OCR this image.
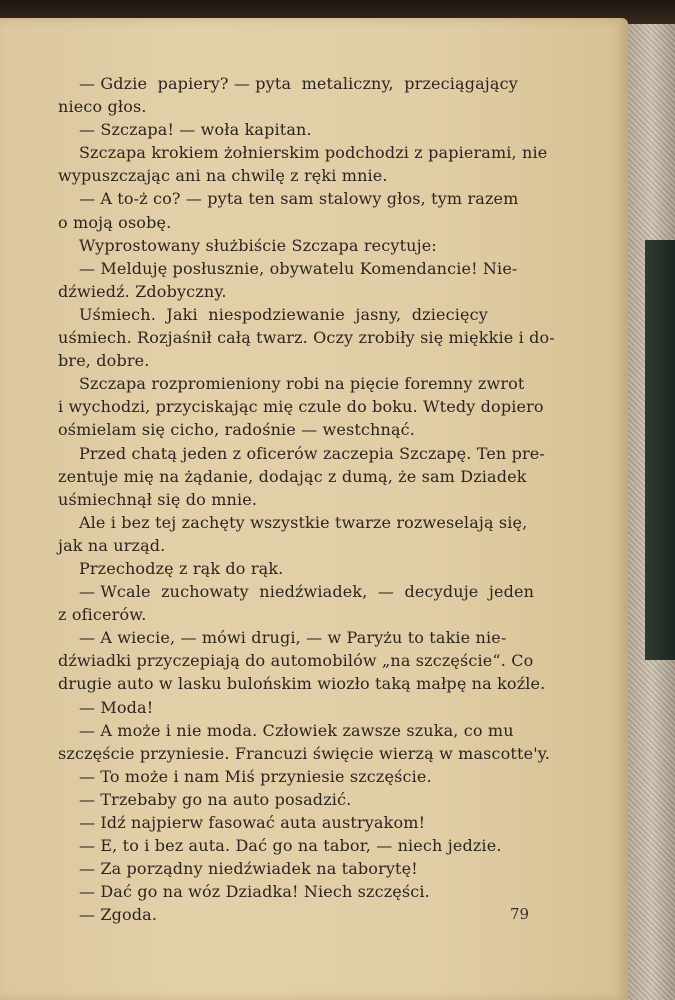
— Gdzie  papiery? — pyta  metaliczny,  przeciągający
nieco głos.
— Szczapa! — woła kapitan.
Szczapa krokiem żołnierskim podchodzi z papierami, nie
wypuszczając ani na chwilę z ręki mnie.
— A to-ż co? — pyta ten sam stalowy głos, tym razem
o moją osobę.
Wyprostowany służbiście Szczapa recytuje:
— Melduję posłusznie, obywatelu Komendancie! Nie-
dźwiedź. Zdobyczny.
Uśmiech.  Jaki  niespodziewanie  jasny,  dziecięcy
uśmiech. Rozjaśnił całą twarz. Oczy zrobiły się miękkie i do-
bre, dobre.
Szczapa rozpromieniony robi na pięcie foremny zwrot
i wychodzi, przyciskając mię czule do boku. Wtedy dopiero
ośmielam się cicho, radośnie — westchnąć.
Przed chatą jeden z oficerów zaczepia Szczapę. Ten pre-
zentuje mię na żądanie, dodając z dumą, że sam Dziadek
uśmiechnął się do mnie.
Ale i bez tej zachęty wszystkie twarze rozweselają się,
jak na urząd.
Przechodzę z rąk do rąk.
— Wcale  zuchowaty  niedźwiadek,  —  decyduje  jeden
z oficerów.
— A wiecie, — mówi drugi, — w Paryżu to takie nie-
dźwiadki przyczepiają do automobilów „na szczęście“. Co
drugie auto w lasku bulońskim wiozło taką małpę na koźle.
— Moda!
— A może i nie moda. Człowiek zawsze szuka, co mu
szczęście przyniesie. Francuzi święcie wierzą w mascotte'y.
— To może i nam Miś przyniesie szczęście.
— Trzebaby go na auto posadzić.
— Idź najpierw fasować auta austryakom!
— E, to i bez auta. Dać go na tabor, — niech jedzie.
— Za porządny niedźwiadek na taborytę!
— Dać go na wóz Dziadka! Niech szczęści.
— Zgoda.	79
